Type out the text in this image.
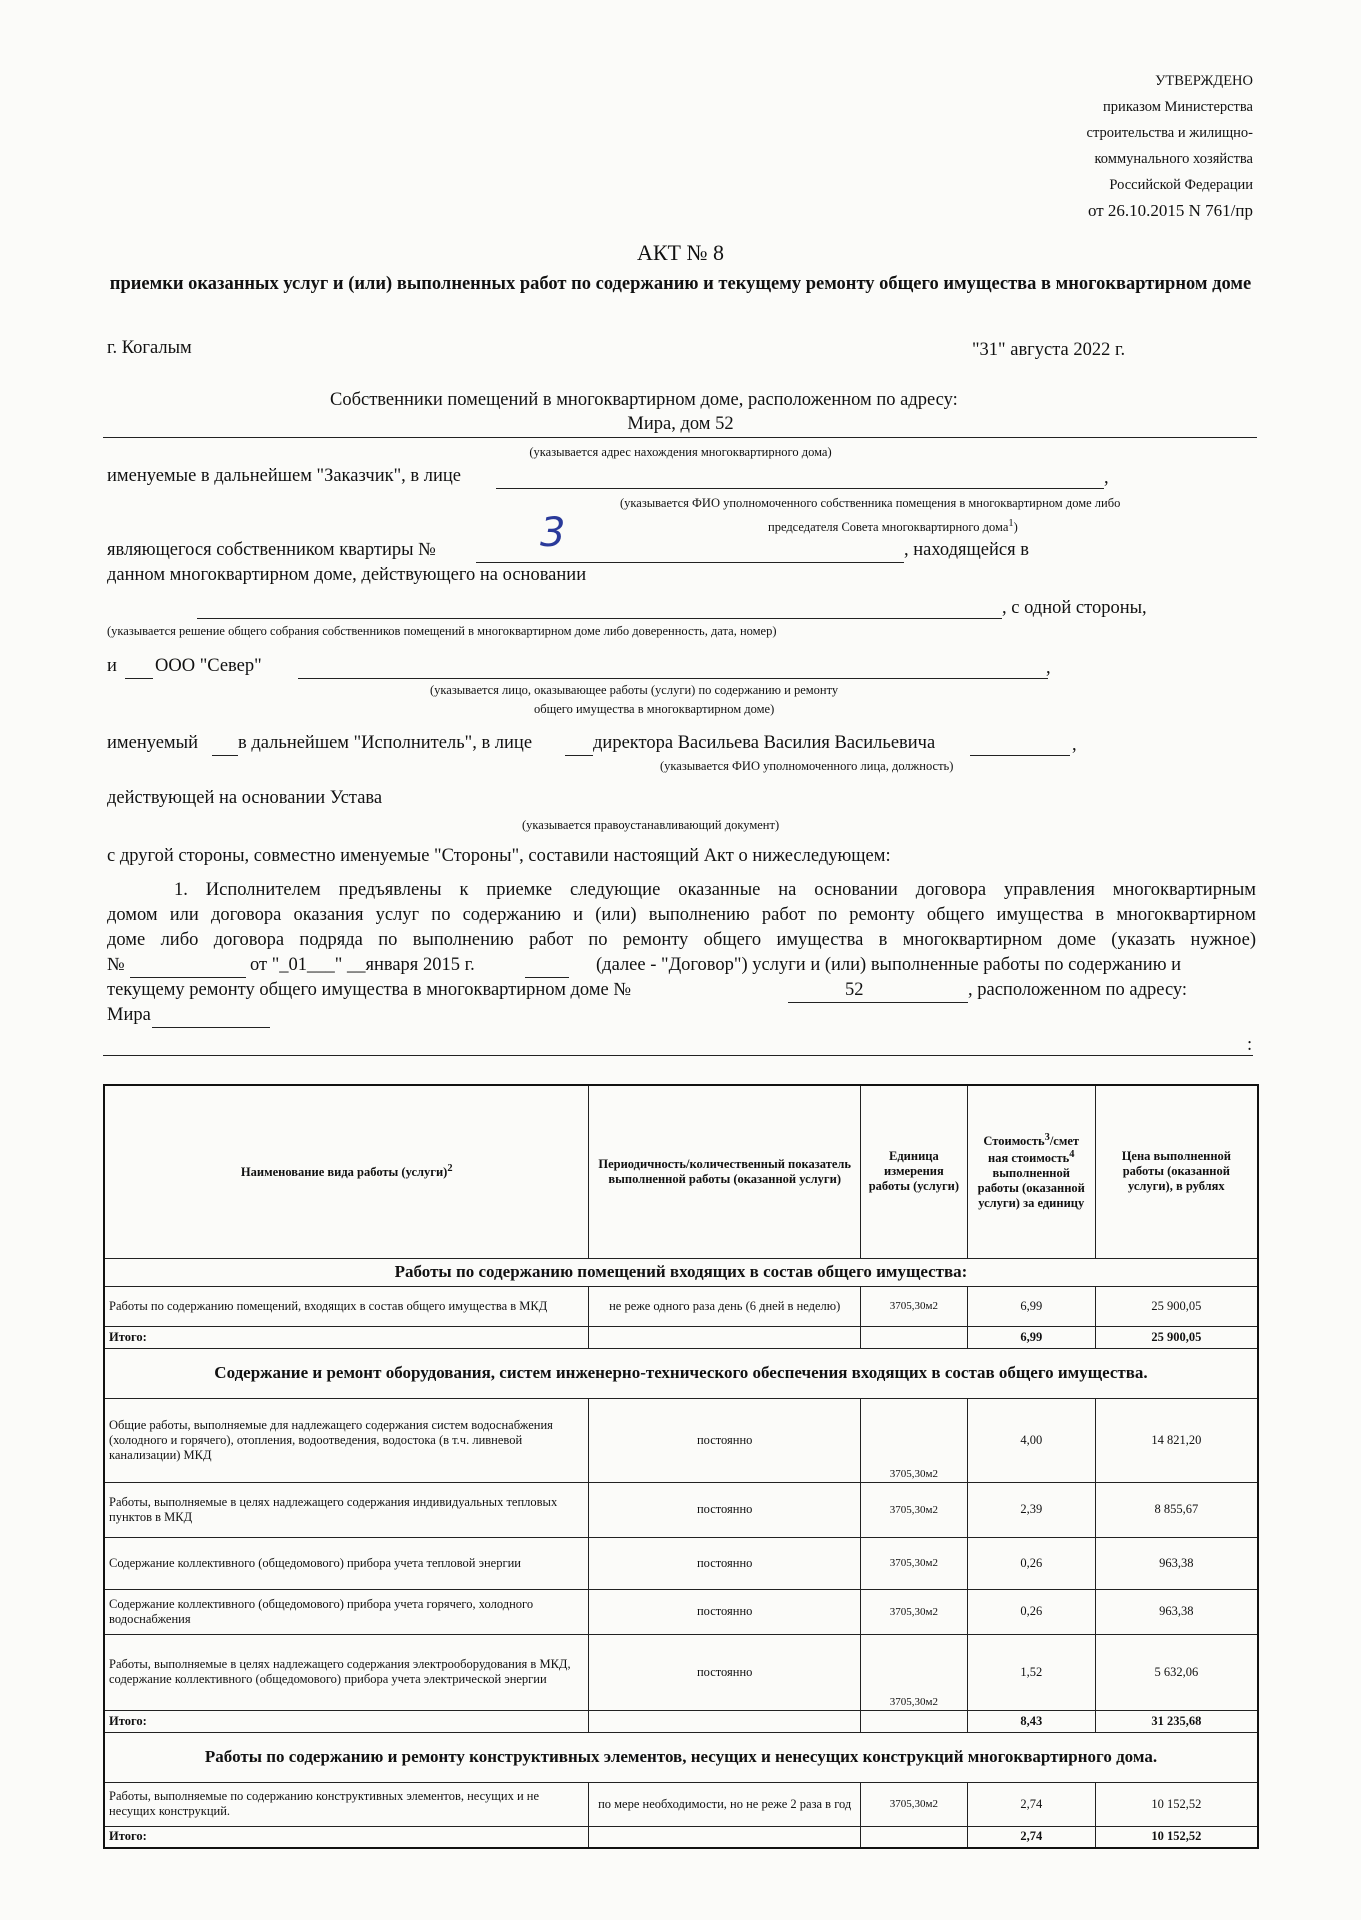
УТВЕРЖДЕНО
приказом Министерства
строительства и жилищно-
коммунального хозяйства
Российской Федерации
от 26.10.2015 N 761/пр
АКТ № 8
приемки оказанных услуг и (или) выполненных работ по содержанию и текущему ремонту общего имущества в многоквартирном доме
г. Когалым	"31" августа 2022 г.
Собственники помещений в многоквартирном доме, расположенном по адресу:
Мира, дом 52
(указывается адрес нахождения многоквартирного дома)
именуемые в дальнейшем "Заказчик", в лице	,
(указывается ФИО уполномоченного собственника помещения в многоквартирном доме либо
председателя Совета многоквартирного дома$^1$)
являющегося собственником квартиры №	3	, находящейся в
данном многоквартирном доме, действующего на основании
, с одной стороны,
(указывается решение общего собрания собственников помещений в многоквартирном доме либо доверенность, дата, номер)
и ООО "Север"	,
(указывается лицо, оказывающее работы (услуги) по содержанию и ремонту
общего имущества в многоквартирном доме)
именуемый в дальнейшем "Исполнитель", в лице	директора Васильева Василия Васильевича	,
(указывается ФИО уполномоченного лица, должность)
действующей на основании Устава
(указывается правоустанавливающий документ)
с другой стороны, совместно именуемые "Стороны", составили настоящий Акт о нижеследующем:
1. Исполнителем предъявлены к приемке следующие оказанные на основании договора управления многоквартирным
домом или договора оказания услуг по содержанию и (или) выполнению работ по ремонту общего имущества в многоквартирном
доме либо договора подряда по выполнению работ по ремонту общего имущества в многоквартирном доме (указать нужное)
№	от "_01___" __января 2015 г.	(далее - "Договор") услуги и (или) выполненные работы по содержанию и
текущему ремонту общего имущества в многоквартирном доме №	52	, расположенном по адресу:
Мира
:
Наименование вида работы (услуги)$^2$	Периодичность/количественный показатель выполненной работы (оказанной услуги)	Единица измерения работы (услуги)	Стоимость$^3$/смет ная стоимость$^4$ выполненной работы (оказанной услуги) за единицу	Цена выполненной работы (оказанной услуги), в рублях
Работы по содержанию помещений входящих в состав общего имущества:				
Работы по содержанию помещений, входящих в состав общего имущества в МКД	не реже одного раза день (6 дней в неделю)	3705,30м2	6,99	25 900,05
Итого:			6,99	25 900,05
Содержание и ремонт оборудования, систем инженерно-технического обеспечения входящих в состав общего имущества.				
Общие работы, выполняемые для надлежащего содержания систем водоснабжения (холодного и горячего), отопления, водоотведения, водостока (в т.ч. ливневой канализации) МКД	постоянно	3705,30м2	4,00	14 821,20
Работы, выполняемые в целях надлежащего содержания индивидуальных тепловых пунктов в МКД	постоянно	3705,30м2	2,39	8 855,67
Содержание коллективного (общедомового) прибора учета тепловой энергии	постоянно	3705,30м2	0,26	963,38
Содержание коллективного (общедомового) прибора учета горячего, холодного водоснабжения	постоянно	3705,30м2	0,26	963,38
Работы, выполняемые в целях надлежащего содержания электрооборудования в МКД, содержание коллективного (общедомового) прибора учета электрической энергии	постоянно	3705,30м2	1,52	5 632,06
Итого:			8,43	31 235,68
Работы по содержанию и ремонту конструктивных элементов, несущих и ненесущих конструкций многоквартирного дома.				
Работы, выполняемые по содержанию конструктивных элементов, несущих и не несущих конструкций.	по мере необходимости, но не реже 2 раза в год	3705,30м2	2,74	10 152,52
Итого:			2,74	10 152,52
